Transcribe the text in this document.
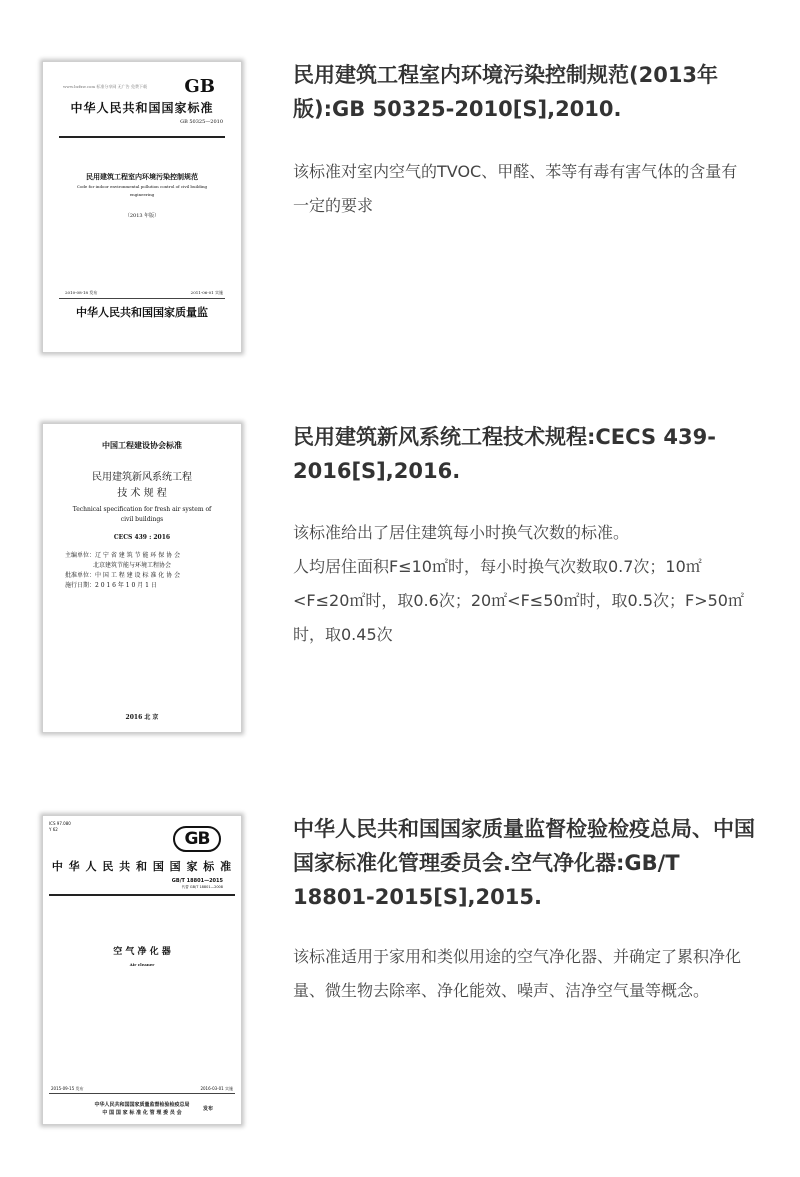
www.bzfxw.com 标准分享网 无广告 免费下载	GB
中华人民共和国国家标准
GB 50325—2010
民用建筑工程室内环境污染控制规范
Code for indoor environmental pollution control of civil building
engineering
（2013 年版）
2010-08-18 发布	2011-06-01 实施
中华人民共和国国家质量监
民用建筑工程室内环境污染控制规范(2013年版):GB 50325-2010[S],2010.

该标准对室内空气的TVOC、甲醛、苯等有毒有害气体的含量有一定的要求

中国工程建设协会标准
民用建筑新风系统工程
技 术 规 程
Technical specification for fresh air system of
civil buildings
CECS 439 : 2016
主编单位：辽 宁 省 建 筑 节 能 环 保 协 会
北京建筑节能与环境工程协会
批准单位：中 国 工 程 建 设 标 准 化 协 会
施行日期：2 0 1 6 年 1 0 月 1 日
2016 北 京
民用建筑新风系统工程技术规程:CECS 439-2016[S],2016.

该标准给出了居住建筑每小时换气次数的标准。

人均居住面积F≤10㎡时，每小时换气次数取0.7次；10㎡<F≤20㎡时，取0.6次；20㎡<F≤50㎡时，取0.5次；F>50㎡时，取0.45次

ICS 97.080
Y 62	GB
中 华 人 民 共 和 国 国 家 标 准
GB/T 18801—2015
代替 GB/T 18801—2008
空 气 净 化 器
Air cleaner
2015-09-15 发布	2016-03-01 实施
中华人民共和国国家质量监督检验检疫总局
中 国 国 家 标 准 化 管 理 委 员 会
发布
中华人民共和国国家质量监督检验检疫总局、中国国家标准化管理委员会.空气净化器:GB/T 18801-2015[S],2015.

该标准适用于家用和类似用途的空气净化器、并确定了累积净化量、微生物去除率、净化能效、噪声、洁净空气量等概念。
